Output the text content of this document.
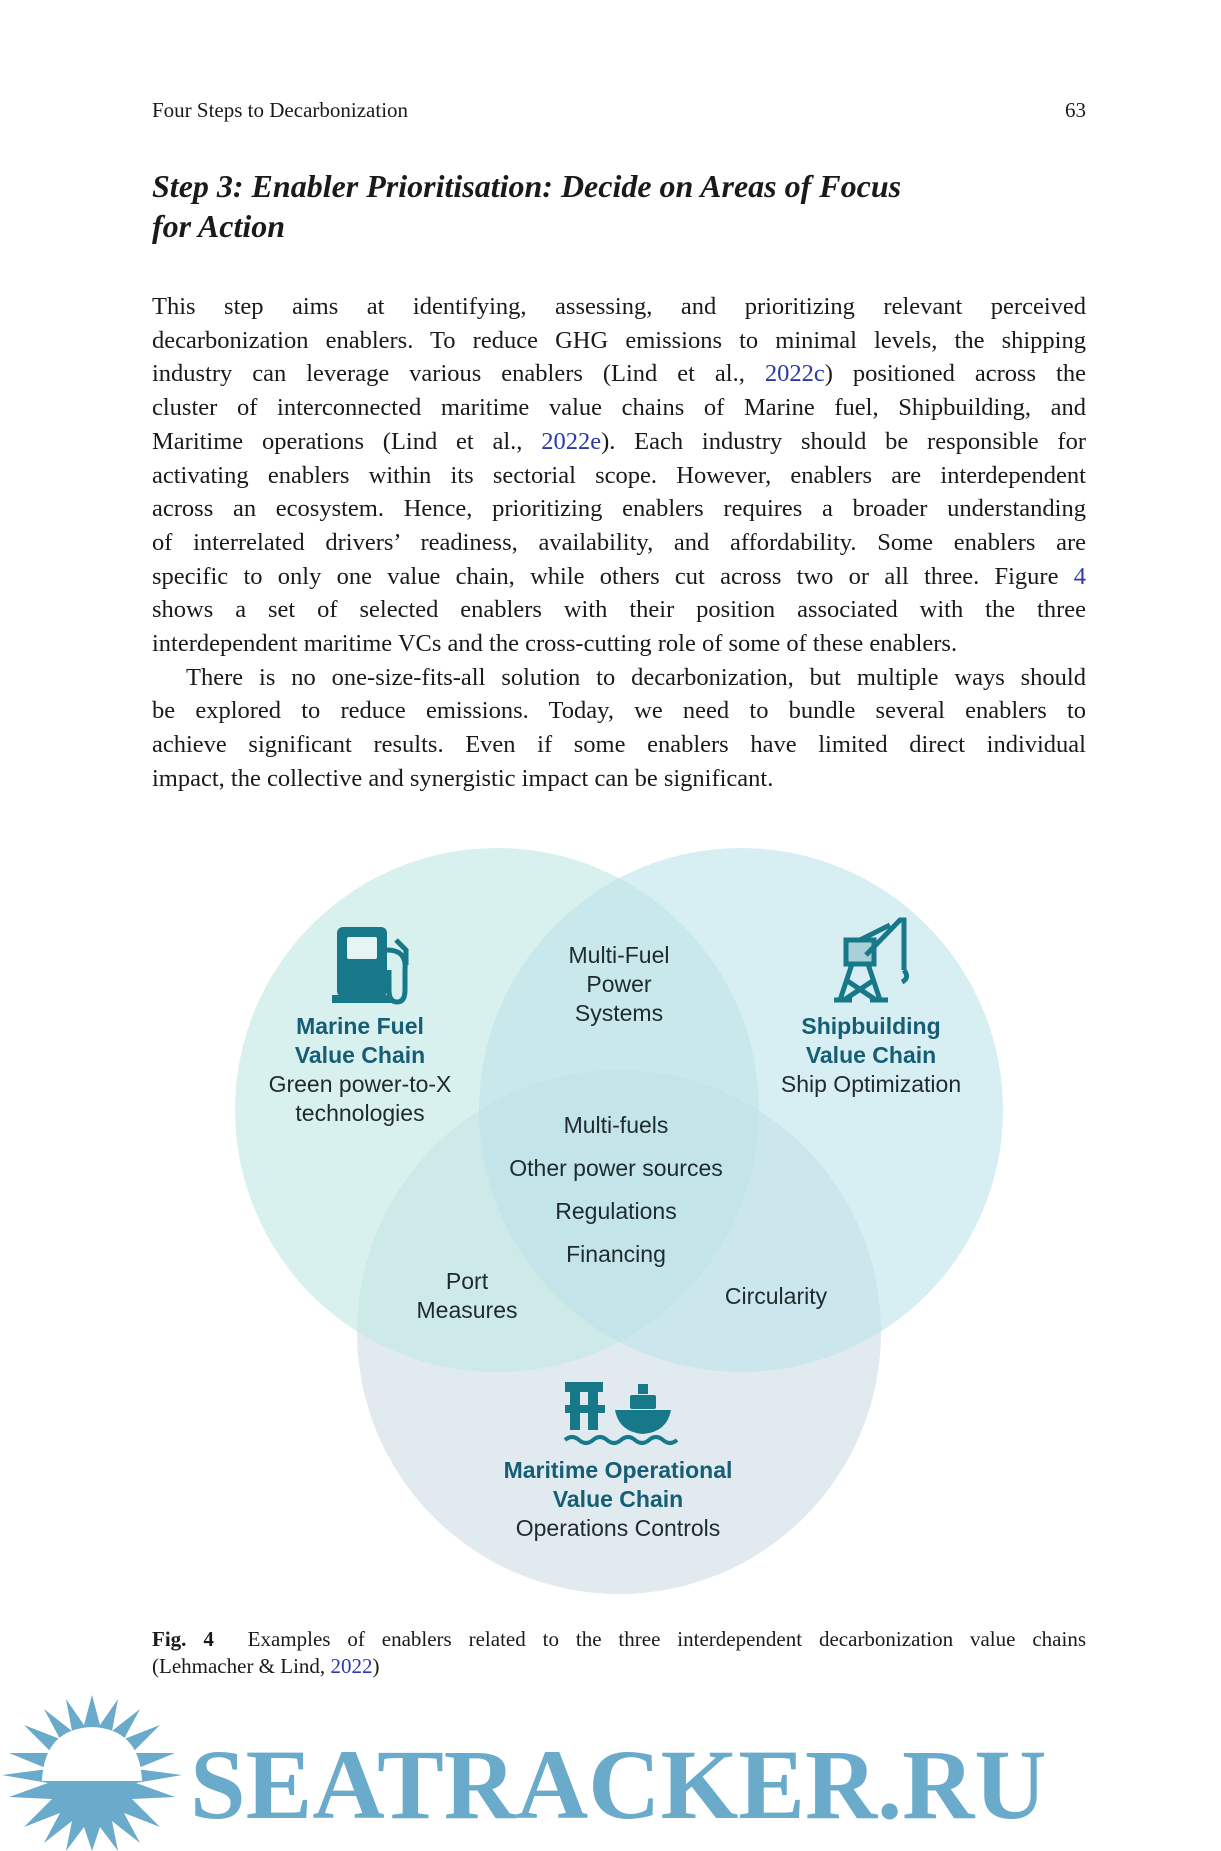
Four Steps to Decarbonization	63
Step 3: Enabler Prioritisation: Decide on Areas of Focus
for Action
This step aims at identifying, assessing, and prioritizing relevant perceived
decarbonization enablers. To reduce GHG emissions to minimal levels, the shipping
industry can leverage various enablers (Lind et al., 2022c) positioned across the
cluster of interconnected maritime value chains of Marine fuel, Shipbuilding, and
Maritime operations (Lind et al., 2022e). Each industry should be responsible for
activating enablers within its sectorial scope. However, enablers are interdependent
across an ecosystem. Hence, prioritizing enablers requires a broader understanding
of interrelated drivers’ readiness, availability, and affordability. Some enablers are
specific to only one value chain, while others cut across two or all three. Figure 4
shows a set of selected enablers with their position associated with the three
interdependent maritime VCs and the cross-cutting role of some of these enablers.
There is no one-size-fits-all solution to decarbonization, but multiple ways should
be explored to reduce emissions. Today, we need to bundle several enablers to
achieve significant results. Even if some enablers have limited direct individual
impact, the collective and synergistic impact can be significant.
Multi-Fuel
Power
Systems
Marine Fuel
Value Chain
Green power-to-X
technologies
Shipbuilding
Value Chain
Ship Optimization
Multi-fuels
Other power sources
Regulations
Financing
Port
Measures
Circularity
Maritime Operational
Value Chain
Operations Controls
Fig. 4 Examples of enablers related to the three interdependent decarbonization value chains
(Lehmacher & Lind, 2022)
SEATRACKER.RU
